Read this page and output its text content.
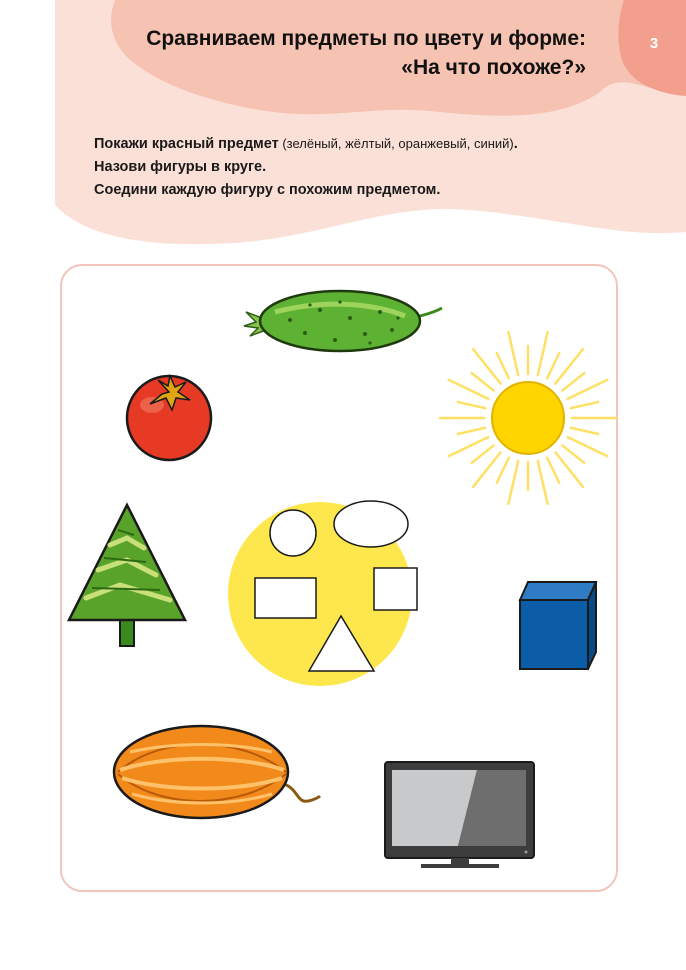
Сравниваем предметы по цвету и форме:
«На что похоже?»
3
Покажи красный предмет (зелёный, жёлтый, оранжевый, синий).
Назови фигуры в круге.
Соедини каждую фигуру с похожим предметом.
